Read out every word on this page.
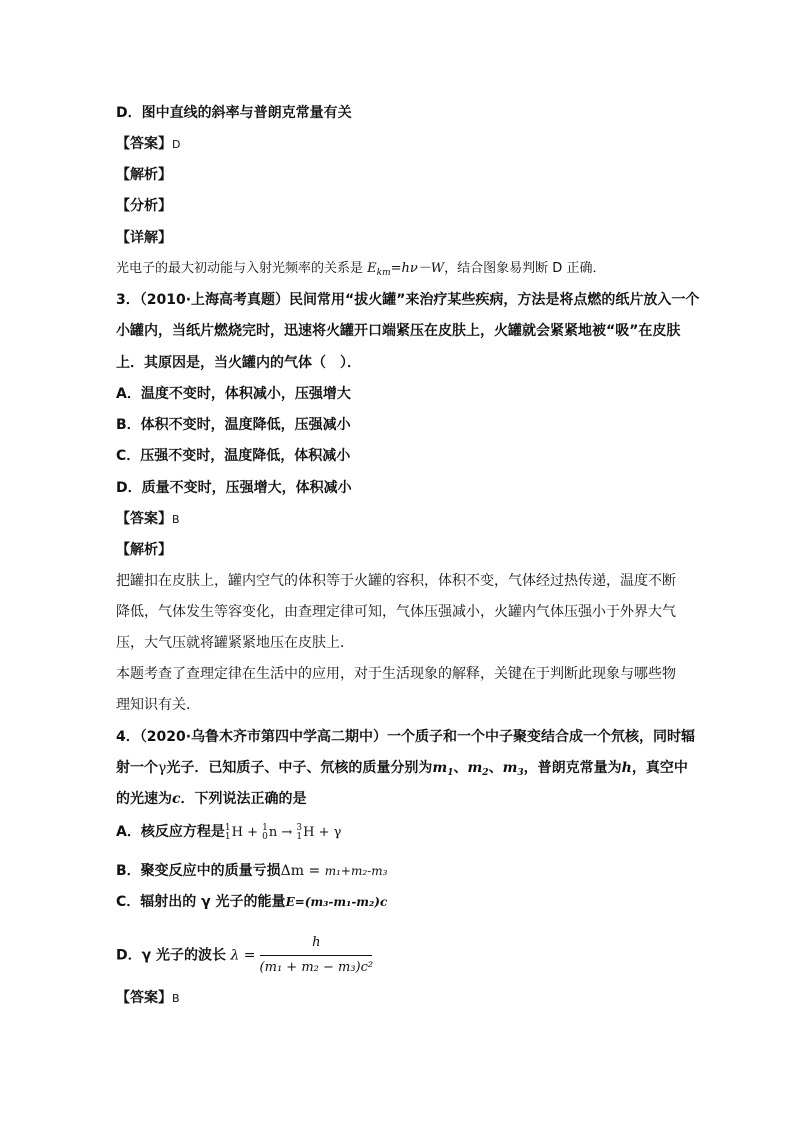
D．图中直线的斜率与普朗克常量有关
【答案】D
【解析】
【分析】
【详解】
光电子的最大初动能与入射光频率的关系是 $E_{km}=h\nu-W$，结合图象易判断 D 正确．
3．（2010·上海高考真题）民间常用“拔火罐”来治疗某些疾病，方法是将点燃的纸片放入一个
小罐内，当纸片燃烧完时，迅速将火罐开口端紧压在皮肤上，火罐就会紧紧地被“吸”在皮肤
上．其原因是，当火罐内的气体（　）．
A．温度不变时，体积减小，压强增大
B．体积不变时，温度降低，压强减小
C．压强不变时，温度降低，体积减小
D．质量不变时，压强增大，体积减小
【答案】B
【解析】
把罐扣在皮肤上，罐内空气的体积等于火罐的容积，体积不变，气体经过热传递，温度不断
降低，气体发生等容变化，由查理定律可知，气体压强减小，火罐内气体压强小于外界大气
压，大气压就将罐紧紧地压在皮肤上．
本题考查了查理定律在生活中的应用，对于生活现象的解释，关键在于判断此现象与哪些物
理知识有关．
4．（2020·乌鲁木齐市第四中学高二期中）一个质子和一个中子聚变结合成一个氘核，同时辐
射一个γ光子．已知质子、中子、氘核的质量分别为$m_1$、$m_2$、$m_3$，普朗克常量为h，真空中
的光速为c．下列说法正确的是
A．核反应方程是 1
1 H + 1
0 n → 3
1 H + γ
B．聚变反应中的质量亏损Δm = m₁+m₂-m₃
C．辐射出的 γ 光子的能量E=(m₃-m₁-m₂)c
D．γ 光子的波长 $\lambda = \frac{h}{\text{(m₁ + m₂ − m₃)c²}}$
【答案】B
